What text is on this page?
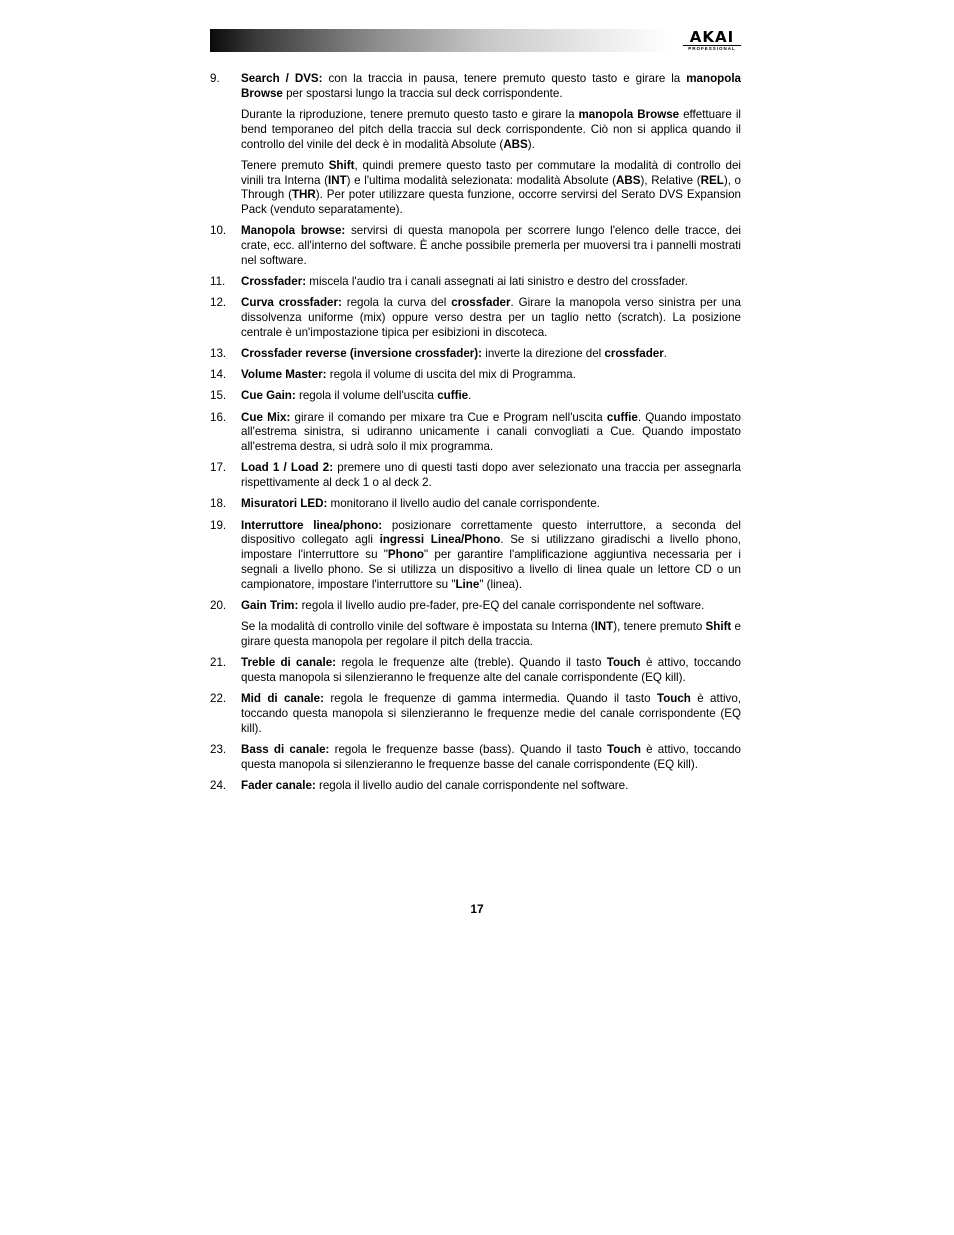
AKAI
PROFESSIONAL
9.	Search / DVS: con la traccia in pausa, tenere premuto questo tasto e girare la manopola Browse per spostarsi lungo la traccia sul deck corrispondente.

Durante la riproduzione, tenere premuto questo tasto e girare la manopola Browse effettuare il bend temporaneo del pitch della traccia sul deck corrispondente. Ciò non si applica quando il controllo del vinile del deck è in modalità Absolute (ABS).

Tenere premuto Shift, quindi premere questo tasto per commutare la modalità di controllo dei vinili tra Interna (INT) e l'ultima modalità selezionata: modalità Absolute (ABS), Relative (REL), o Through (THR). Per poter utilizzare questa funzione, occorre servirsi del Serato DVS Expansion Pack (venduto separatamente).

10.	Manopola browse: servirsi di questa manopola per scorrere lungo l'elenco delle tracce, dei crate, ecc. all'interno del software. È anche possibile premerla per muoversi tra i pannelli mostrati nel software.

11.	Crossfader: miscela l'audio tra i canali assegnati ai lati sinistro e destro del crossfader.

12.	Curva crossfader: regola la curva del crossfader. Girare la manopola verso sinistra per una dissolvenza uniforme (mix) oppure verso destra per un taglio netto (scratch). La posizione centrale è un'impostazione tipica per esibizioni in discoteca.

13.	Crossfader reverse (inversione crossfader): inverte la direzione del crossfader.

14.	Volume Master: regola il volume di uscita del mix di Programma.

15.	Cue Gain: regola il volume dell'uscita cuffie.

16.	Cue Mix: girare il comando per mixare tra Cue e Program nell'uscita cuffie. Quando impostato all'estrema sinistra, si udiranno unicamente i canali convogliati a Cue. Quando impostato all'estrema destra, si udrà solo il mix programma.

17.	Load 1 / Load 2: premere uno di questi tasti dopo aver selezionato una traccia per assegnarla rispettivamente al deck 1 o al deck 2.

18.	Misuratori LED: monitorano il livello audio del canale corrispondente.

19.	Interruttore linea/phono: posizionare correttamente questo interruttore, a seconda del dispositivo collegato agli ingressi Linea/Phono. Se si utilizzano giradischi a livello phono, impostare l'interruttore su "Phono" per garantire l'amplificazione aggiuntiva necessaria per i segnali a livello phono. Se si utilizza un dispositivo a livello di linea quale un lettore CD o un campionatore, impostare l'interruttore su "Line" (linea).

20.	Gain Trim: regola il livello audio pre-fader, pre-EQ del canale corrispondente nel software.

Se la modalità di controllo vinile del software è impostata su Interna (INT), tenere premuto Shift e girare questa manopola per regolare il pitch della traccia.

21.	Treble di canale: regola le frequenze alte (treble). Quando il tasto Touch è attivo, toccando questa manopola si silenzieranno le frequenze alte del canale corrispondente (EQ kill).

22.	Mid di canale: regola le frequenze di gamma intermedia. Quando il tasto Touch è attivo, toccando questa manopola si silenzieranno le frequenze medie del canale corrispondente (EQ kill).

23.	Bass di canale: regola le frequenze basse (bass). Quando il tasto Touch è attivo, toccando questa manopola si silenzieranno le frequenze basse del canale corrispondente (EQ kill).

24.	Fader canale: regola il livello audio del canale corrispondente nel software.

17
